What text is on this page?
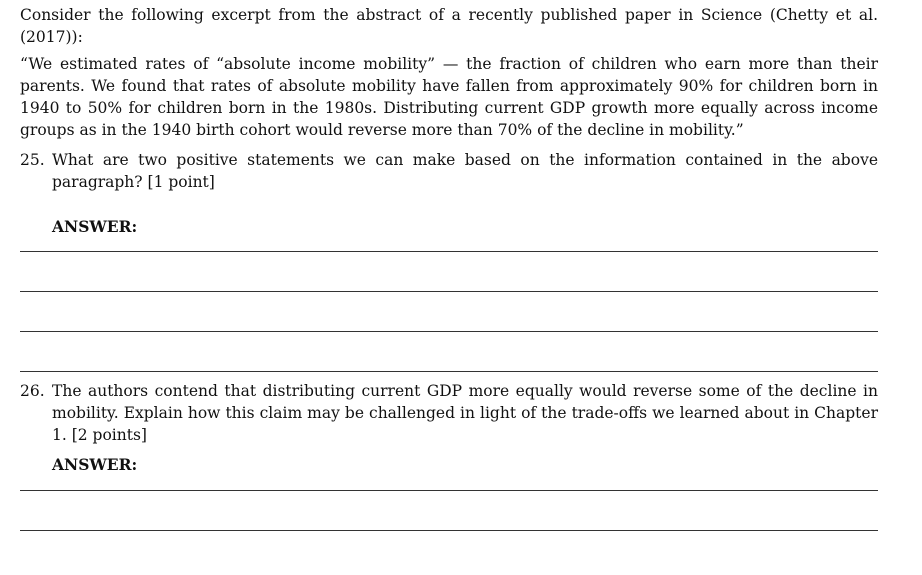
Consider the following excerpt from the abstract of a recently published paper in Science (Chetty et al. (2017)):

“We estimated rates of “absolute income mobility” — the fraction of children who earn more than their parents. We found that rates of absolute mobility have fallen from approximately 90% for children born in 1940 to 50% for children born in the 1980s. Distributing current GDP growth more equally across income groups as in the 1940 birth cohort would reverse more than 70% of the decline in mobility.”

25. What are two positive statements we can make based on the information contained in the above paragraph? [1 point]
ANSWER:
26. The authors contend that distributing current GDP more equally would reverse some of the decline in mobility. Explain how this claim may be challenged in light of the trade-offs we learned about in Chapter 1. [2 points]
ANSWER:
